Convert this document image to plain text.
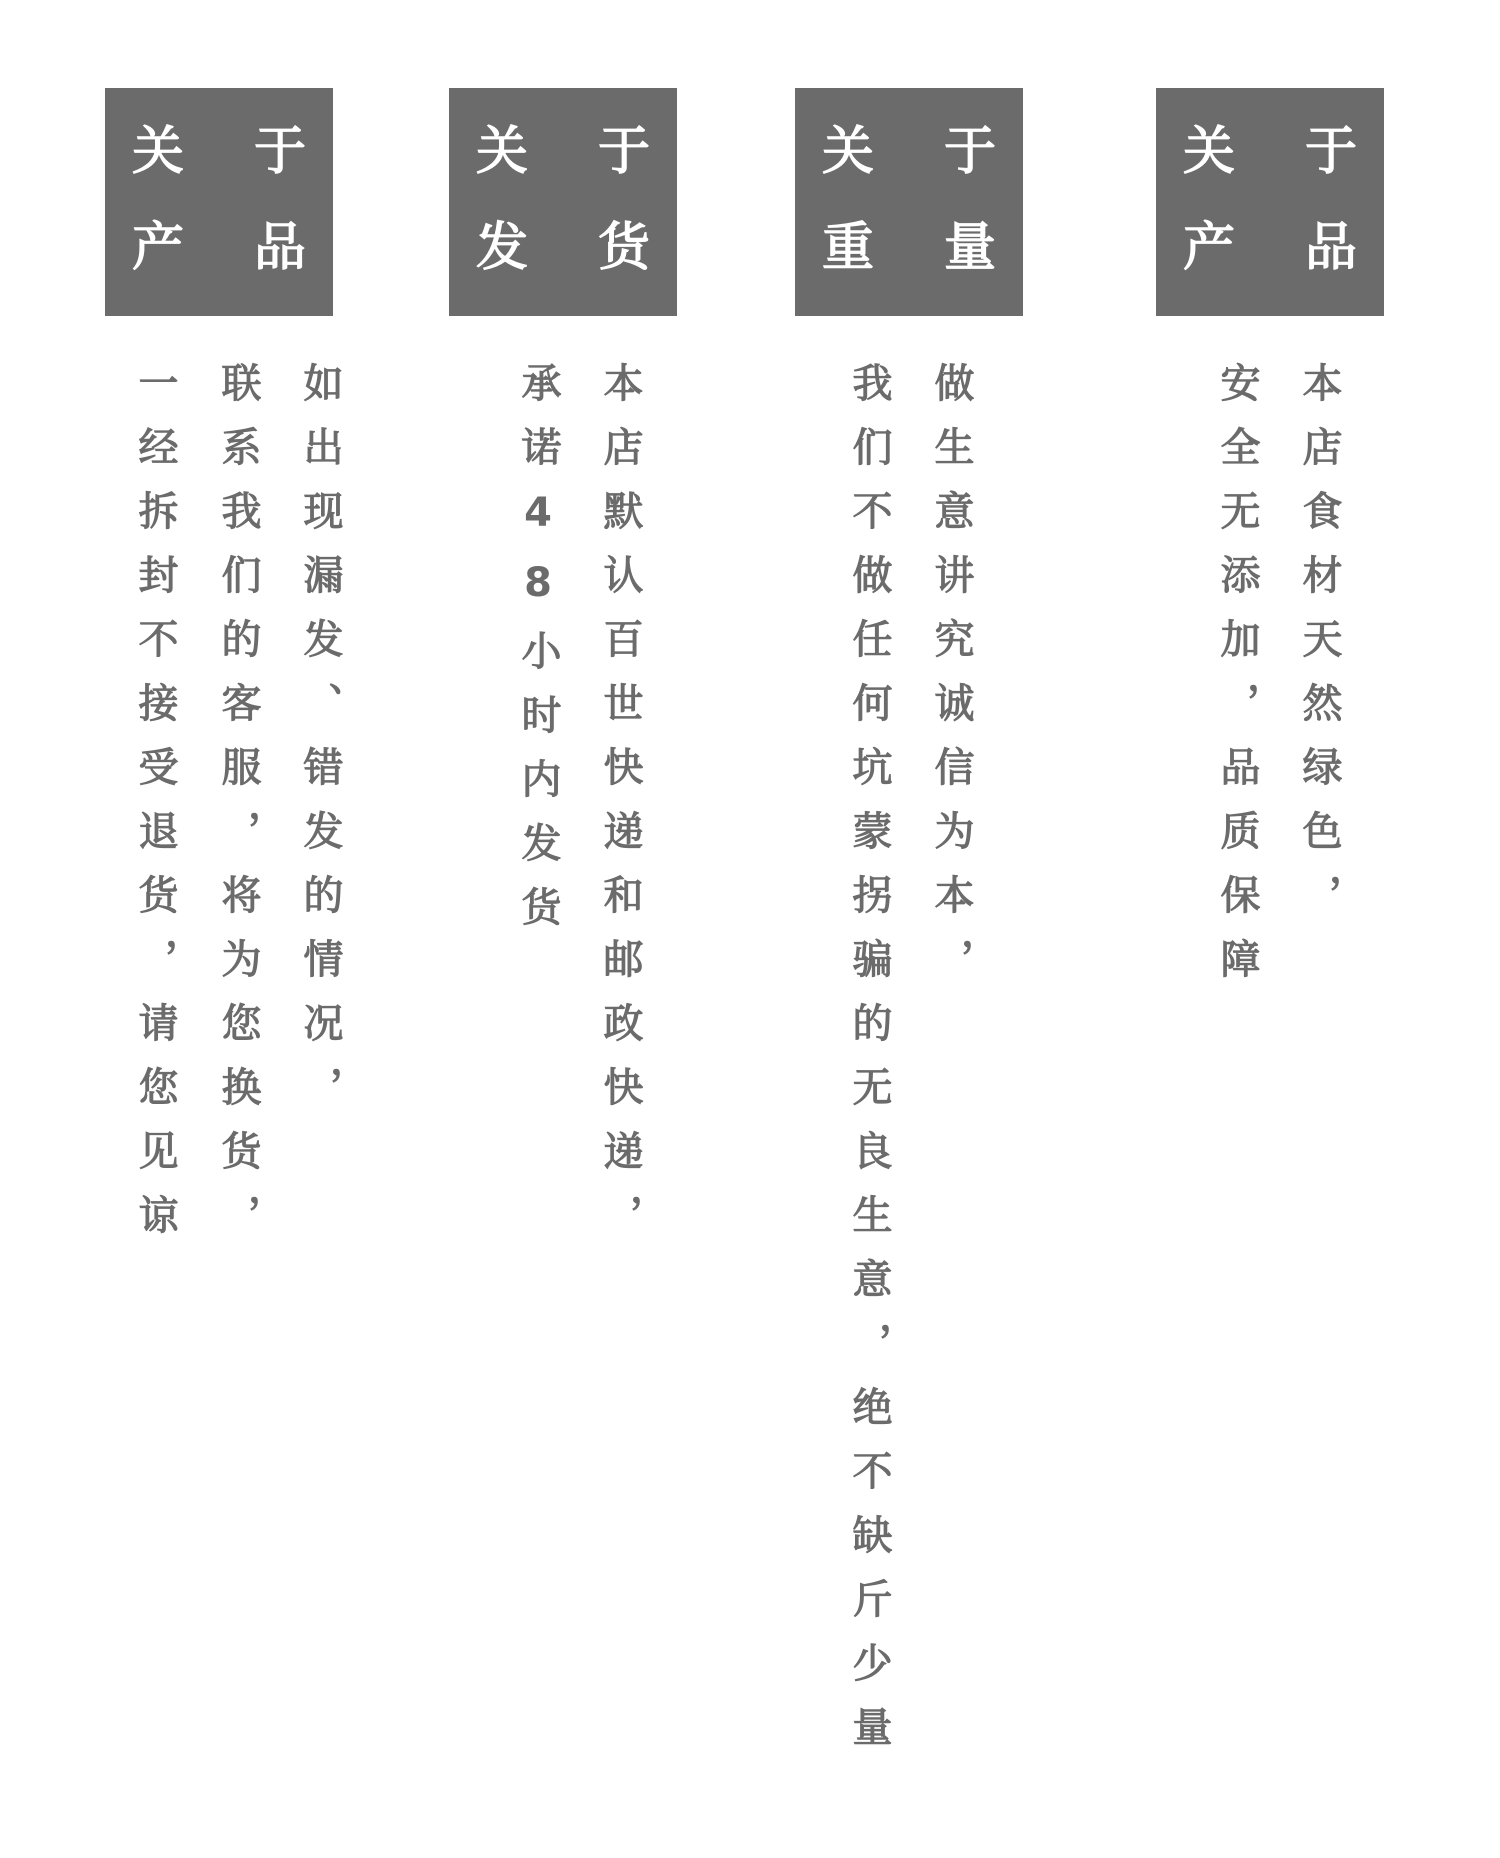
关 于
产 品
如出现漏发、错发的情况，
联系我们的客服，将为您换货，
一经拆封不接受退货，请您见谅
关 于
发 货
本店默认百世快递和邮政快递，
承诺48小时内发货
关 于
重 量
做生意讲究诚信为本，
我们不做任何坑蒙拐骗的无良生意，绝不缺斤少量
关 于
产 品
本店食材天然绿色，
安全无添加，品质保障
